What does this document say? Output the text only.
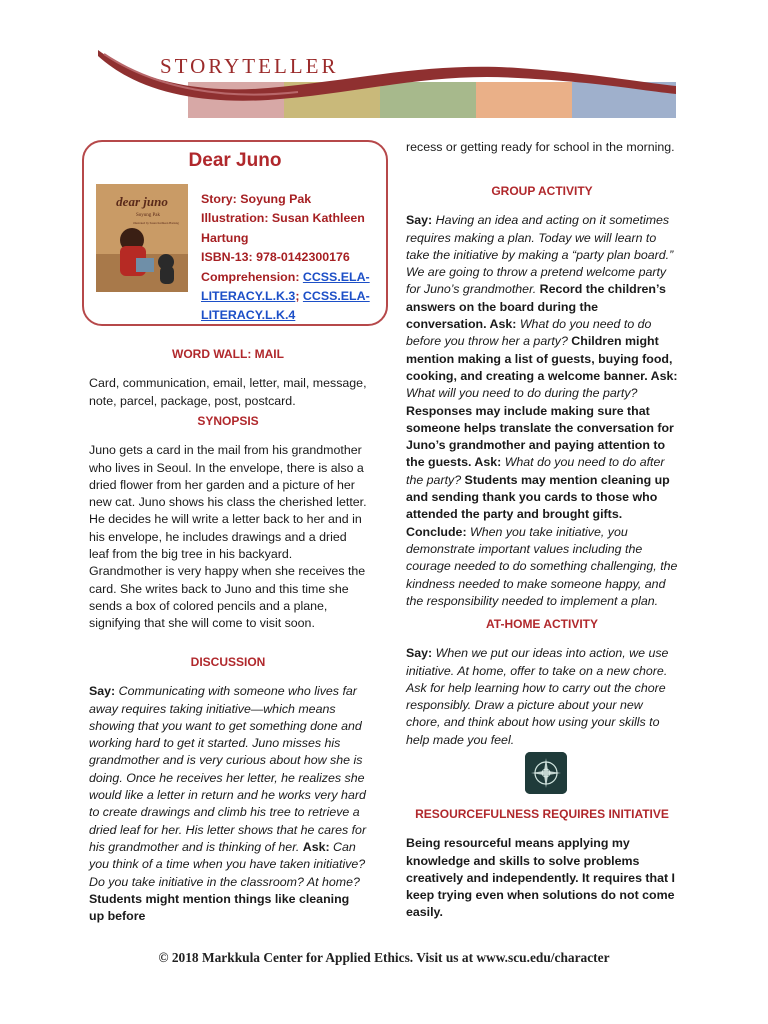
STORYTELLER
Dear Juno
dear juno
Soyung Pak
illustrated by Susan Kathleen Hartung
Story: Soyung Pak
Illustration: Susan Kathleen
Hartung
ISBN-13: 978-0142300176
Comprehension: CCSS.ELA-
LITERACY.L.K.3; CCSS.ELA-
LITERACY.L.K.4

WORD WALL: MAIL

Card, communication, email, letter, mail, message, note, parcel, package, post, postcard.

SYNOPSIS

Juno gets a card in the mail from his grandmother who lives in Seoul. In the envelope, there is also a dried flower from her garden and a picture of her new cat. Juno shows his class the cherished letter. He decides he will write a letter back to her and in his envelope, he includes drawings and a dried leaf from the big tree in his backyard. Grandmother is very happy when she receives the card. She writes back to Juno and this time she sends a box of colored pencils and a plane, signifying that she will come to visit soon.

DISCUSSION

Say: Communicating with someone who lives far away requires taking initiative—which means showing that you want to get something done and working hard to get it started. Juno misses his grandmother and is very curious about how she is doing. Once he receives her letter, he realizes she would like a letter in return and he works very hard to create drawings and climb his tree to retrieve a dried leaf for her. His letter shows that he cares for his grandmother and is thinking of her. Ask: Can you think of a time when you have taken initiative? Do you take initiative in the classroom? At home? Students might mention things like cleaning up before

recess or getting ready for school in the morning.

GROUP ACTIVITY

Say: Having an idea and acting on it sometimes requires making a plan. Today we will learn to take the initiative by making a “party plan board.” We are going to throw a pretend welcome party for Juno’s grandmother. Record the children’s answers on the board during the conversation. Ask: What do you need to do before you throw her a party? Children might mention making a list of guests, buying food, cooking, and creating a welcome banner. Ask: What will you need to do during the party? Responses may include making sure that someone helps translate the conversation for Juno’s grandmother and paying attention to the guests. Ask: What do you need to do after the party? Students may mention cleaning up and sending thank you cards to those who attended the party and brought gifts. Conclude: When you take initiative, you demonstrate important values including the courage needed to do something challenging, the kindness needed to make someone happy, and the responsibility needed to implement a plan.

AT-HOME ACTIVITY

Say: When we put our ideas into action, we use initiative. At home, offer to take on a new chore. Ask for help learning how to carry out the chore responsibly. Draw a picture about your new chore, and think about how using your skills to help made you feel.

RESOURCEFULNESS REQUIRES INITIATIVE

Being resourceful means applying my knowledge and skills to solve problems creatively and independently. It requires that I keep trying even when solutions do not come easily.

© 2018 Markkula Center for Applied Ethics. Visit us at www.scu.edu/character
